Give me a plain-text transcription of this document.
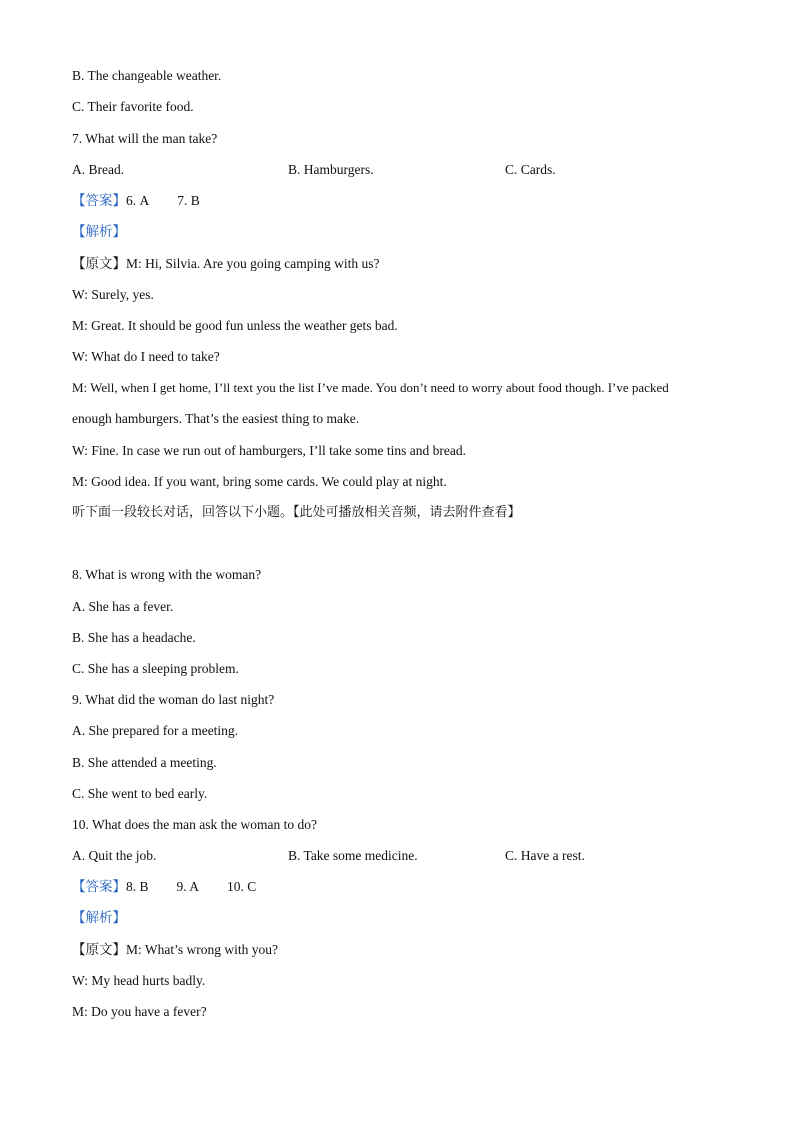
B. The changeable weather.
C. Their favorite food.
7. What will the man take?
A. Bread.	B. Hamburgers.	C. Cards.
【答案】6. A 7. B
【解析】
【原文】M: Hi, Silvia. Are you going camping with us?
W: Surely, yes.
M: Great. It should be good fun unless the weather gets bad.
W: What do I need to take?
M: Well, when I get home, I’ll text you the list I’ve made. You don’t need to worry about food though. I’ve packed
enough hamburgers. That’s the easiest thing to make.
W: Fine. In case we run out of hamburgers, I’ll take some tins and bread.
M: Good idea. If you want, bring some cards. We could play at night.
听下面一段较长对话，回答以下小题。【此处可播放相关音频，请去附件查看】
8. What is wrong with the woman?
A. She has a fever.
B. She has a headache.
C. She has a sleeping problem.
9. What did the woman do last night?
A. She prepared for a meeting.
B. She attended a meeting.
C. She went to bed early.
10. What does the man ask the woman to do?
A. Quit the job.	B. Take some medicine.	C. Have a rest.
【答案】8. B 9. A 10. C
【解析】
【原文】M: What’s wrong with you?
W: My head hurts badly.
M: Do you have a fever?
